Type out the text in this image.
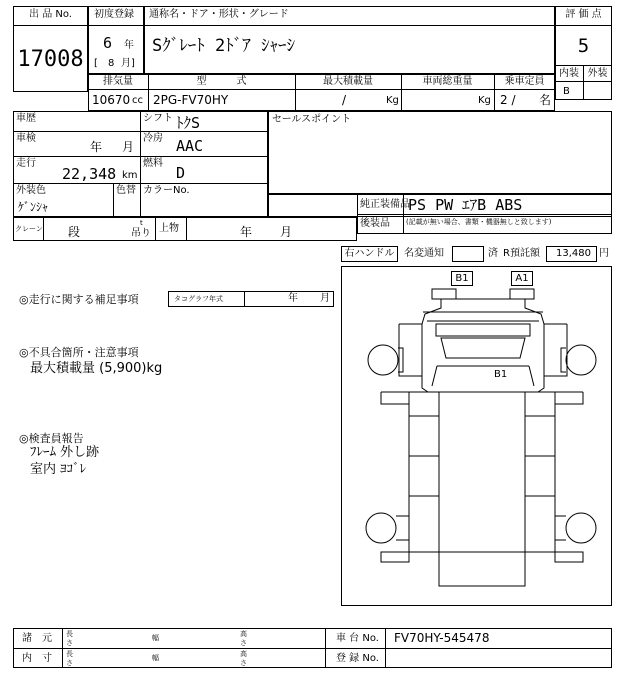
出 品 No.
17008
初度登録
6 年
[ 8 月]
通称名・ドア・形状・グレード
Sｸﾞﾚｰﾄ 2ﾄﾞｱ ｼｬｰｼ
評 価 点
5
内装 外装
B
排気量
10670 cc
型　　　式
2PG-FV70HY
最大積載量
/	Kg
車両総重量
Kg
乗車定員
2 / 名
車歴	シフト ﾄｸS
車検
年 月
冷房 AAC
走行
22,348 km
燃料
D
外装色
ｹﾞﾝｼｬ
色替 カラーNo.
セールスポイント
純正装備品
PS PW ｴｱB ABS
後装品 (記載が無い場合、書類・機器無しと致します)
クレーン 段
t
吊り 上物	年 月
右ハンドル 名変通知	済 R預託額 13,480 円
◎走行に関する補足事項	タコグラフ年式	年 月
◎不具合箇所・注意事項
最大積載量 (5,900)kg
◎検査員報告
ﾌﾚｰﾑ 外し跡
室内 ﾖｺﾞﾚ
B1	A1
B1
諸　元
内　寸
長さ
幅	高さ
長さ
幅	高さ
車 台 No. FV70HY-545478
登 録 No.
